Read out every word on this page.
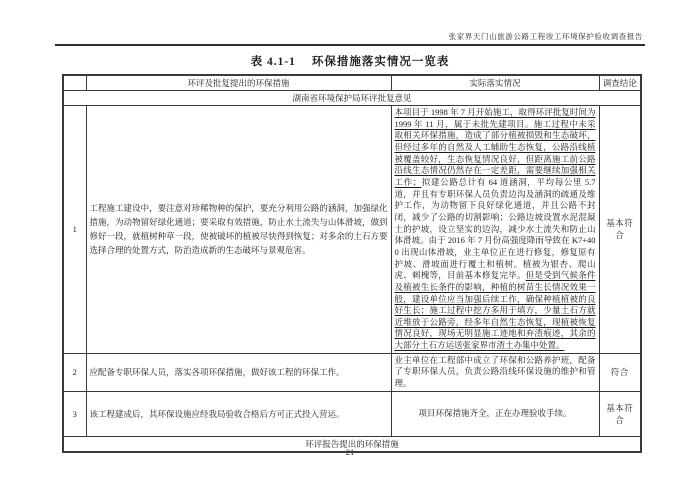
张家界天门山旅游公路工程竣工环境保护验收调查报告
表 4.1-1 环保措施落实情况一览表
	环评及批复提出的环保措施	实际落实情况	调查结论
湖南省环境保护局环评批复意见			
1	工程施工建设中，要注意对珍稀物种的保护，要充分利用公路的涵洞，加强绿化措施，为动物留好绿化通道；要采取有效措施，防止水土流失与山体滑坡，做到修好一段，就植树种草一段，使被破坏的植被尽快得到恢复；对多余的土石方要选择合理的处置方式，防治造成新的生态破坏与景观危害。	本项目于 1998 年 7 月开始施工，取得环评批复时间为 1999 年 11 月，属于未批先建项目。施工过程中未采取相关环保措施，造成了部分植被损毁和生态破坏，但经过多年的自然及人工辅助生态恢复，公路沿线植被覆盖较好，生态恢复情况良好，但距离施工前公路沿线生态情况仍然存在一定差距，需要继续加强相关工作；拟建公路总计有 64 道涵洞，平均每公里 5.7 道，并且有专职环保人员负责边沟及涵洞的疏通及维护工作，为动物留下良好绿化通道，并且公路不封闭，减少了公路的切割影响；公路边坡设置水泥混凝土的护坡，设立坚实的边沟，减少水土流失和防止山体滑坡。由于 2016 年 7 月份高强度降雨导致在 K7+400 出现山体滑坡，业主单位正在进行修复，修复原有护坡、滑坡面进行覆土和植树。植被为银杏、爬山虎、刺槐等，目前基本修复完毕。但是受到气候条件及植被生长条件的影响，种植的树苗生长情况效果一般，建设单位应当加强后续工作，确保种植植被的良好生长；施工过程中挖方多用于填方，少量土石方就近堆放于公路旁，经多年自然生态恢复，现植被恢复情况良好，现场无明显施工迹地和弃渣痕迹，其余的大部分土石方运送张家界市渣土办集中处置。	基本符合
2	应配备专职环保人员，落实各项环保措施，做好该工程的环保工作。	业主单位在工程部中成立了环保和公路养护班，配备了专职环保人员，负责公路沿线环保设施的维护和管理。	符合
3	该工程建成后，其环保设施应经我局验收合格后方可正式投入营运。	项目环保措施齐全，正在办理验收手续。	基本符合
环评报告提出的环保措施			
21
